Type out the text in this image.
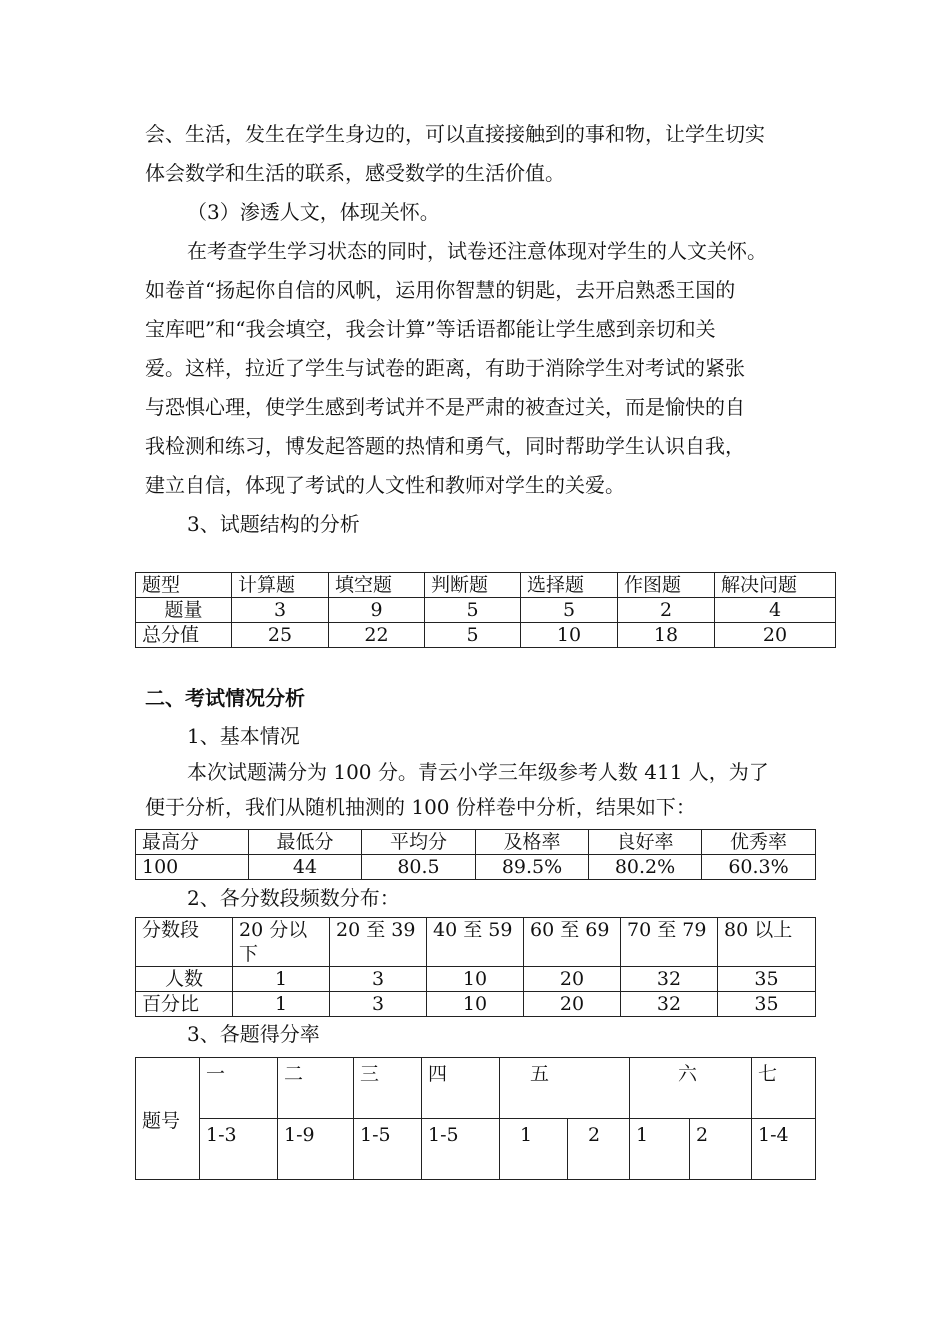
会、生活，发生在学生身边的，可以直接接触到的事和物，让学生切实
体会数学和生活的联系，感受数学的生活价值。
（3）渗透人文，体现关怀。
在考查学生学习状态的同时，试卷还注意体现对学生的人文关怀。
如卷首“扬起你自信的风帆，运用你智慧的钥匙，去开启熟悉王国的
宝库吧”和“我会填空，我会计算”等话语都能让学生感到亲切和关
爱。这样，拉近了学生与试卷的距离，有助于消除学生对考试的紧张
与恐惧心理，使学生感到考试并不是严肃的被查过关，而是愉快的自
我检测和练习，博发起答题的热情和勇气，同时帮助学生认识自我，
建立自信，体现了考试的人文性和教师对学生的关爱。
3、试题结构的分析
题型	计算题	填空题	判断题	选择题	作图题	解决问题
题量	3	9	5	5	2	4
总分值	25	22	5	10	18	20
二、考试情况分析
1、基本情况
本次试题满分为 100 分。青云小学三年级参考人数 411 人，为了
便于分析，我们从随机抽测的 100 份样卷中分析，结果如下：
最高分	最低分	平均分	及格率	良好率	优秀率
100	44	80.5	89.5%	80.2%	60.3%
2、各分数段频数分布：
分数段	20 分以下	20 至 39	40 至 59	60 至 69	70 至 79	80 以上
人数	1	3	10	20	32	35
百分比	1	3	10	20	32	35
3、各题得分率
题号	一	二	三	四	五		六		七
	1-3	1-9	1-5	1-5	1	2	1	2	1-4
